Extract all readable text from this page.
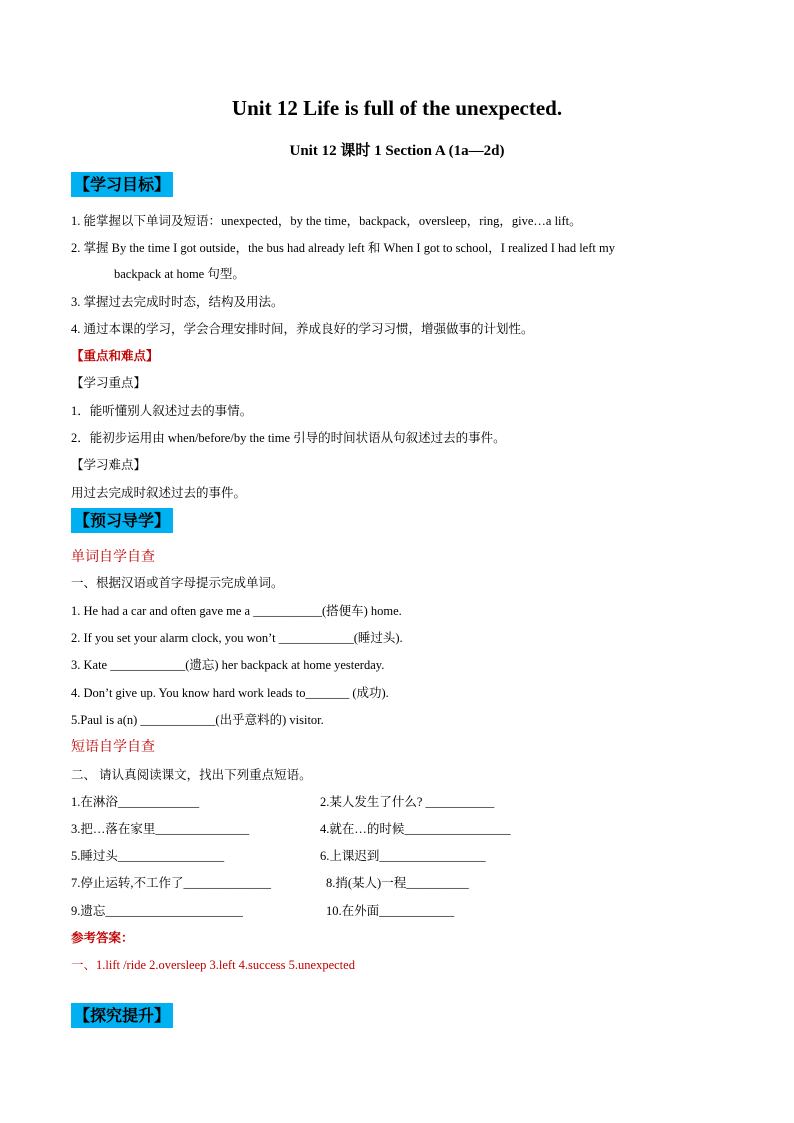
Unit 12 Life is full of the unexpected.
Unit 12 课时 1 Section A (1a—2d)
【学习目标】
1. 能掌握以下单词及短语：unexpected，by the time，backpack，oversleep，ring，give…a lift。
2. 掌握 By the time I got outside，the bus had already left 和 When I got to school，I realized I had left my
backpack at home 句型。
3. 掌握过去完成时时态，结构及用法。
4. 通过本课的学习，学会合理安排时间，养成良好的学习习惯，增强做事的计划性。
【重点和难点】
【学习重点】
1．能听懂别人叙述过去的事情。
2．能初步运用由 when/before/by the time 引导的时间状语从句叙述过去的事件。
【学习难点】
用过去完成时叙述过去的事件。
【预习导学】
单词自学自查
一、根据汉语或首字母提示完成单词。
1. He had a car and often gave me a ___________(搭便车) home.
2. If you set your alarm clock, you won’t ____________(睡过头).
3. Kate ____________(遗忘) her backpack at home yesterday.
4. Don’t give up. You know hard work leads to_______ (成功).
5.Paul is a(n) ____________(出乎意料的) visitor.
短语自学自查
二、 请认真阅读课文，找出下列重点短语。
1.在淋浴_____________	2.某人发生了什么? ___________
3.把…落在家里_______________	4.就在…的时候_________________
5.睡过头_________________	6.上课迟到_________________
7.停止运转,不工作了______________	8.捎(某人)一程__________
9.遗忘______________________	10.在外面____________
参考答案：
一、1.lift /ride 2.oversleep 3.left 4.success 5.unexpected
【探究提升】
